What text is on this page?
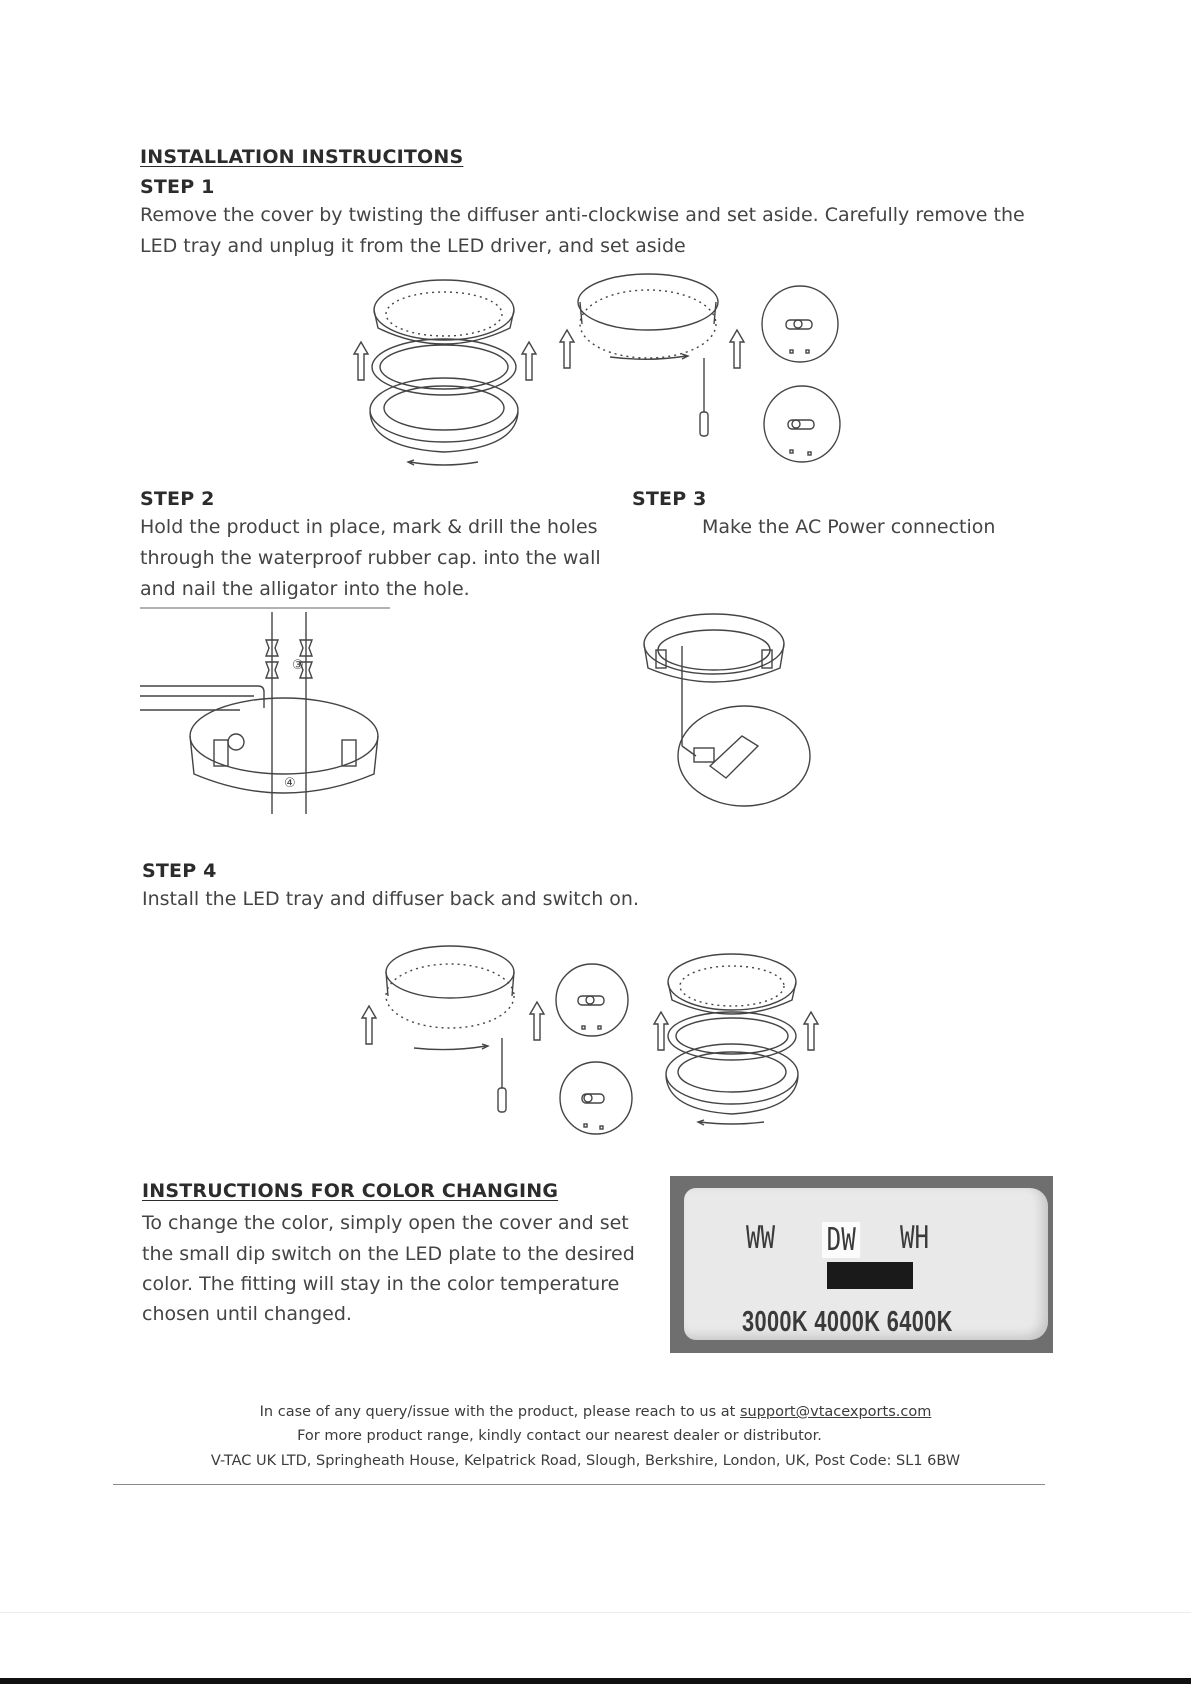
INSTALLATION INSTRUCITONS
STEP 1
Remove the cover by twisting the diffuser anti-clockwise and set aside. Carefully remove the
LED tray and unplug it from the LED driver, and set aside
STEP 2
Hold the product in place, mark & drill the holes
through the waterproof rubber cap. into the wall
and nail the alligator into the hole.
③
④
STEP 3
Make the AC Power connection
STEP 4
Install the LED tray and diffuser back and switch on.
INSTRUCTIONS FOR COLOR CHANGING
To change the color, simply open the cover and set
the small dip switch on the LED plate to the desired
color. The fitting will stay in the color temperature
chosen until changed.
WW DW WH
3000K 4000K 6400K
In case of any query/issue with the product, please reach to us at support@vtacexports.com
For more product range, kindly contact our nearest dealer or distributor.
V-TAC UK LTD, Springheath House, Kelpatrick Road, Slough, Berkshire, London, UK, Post Code: SL1 6BW
